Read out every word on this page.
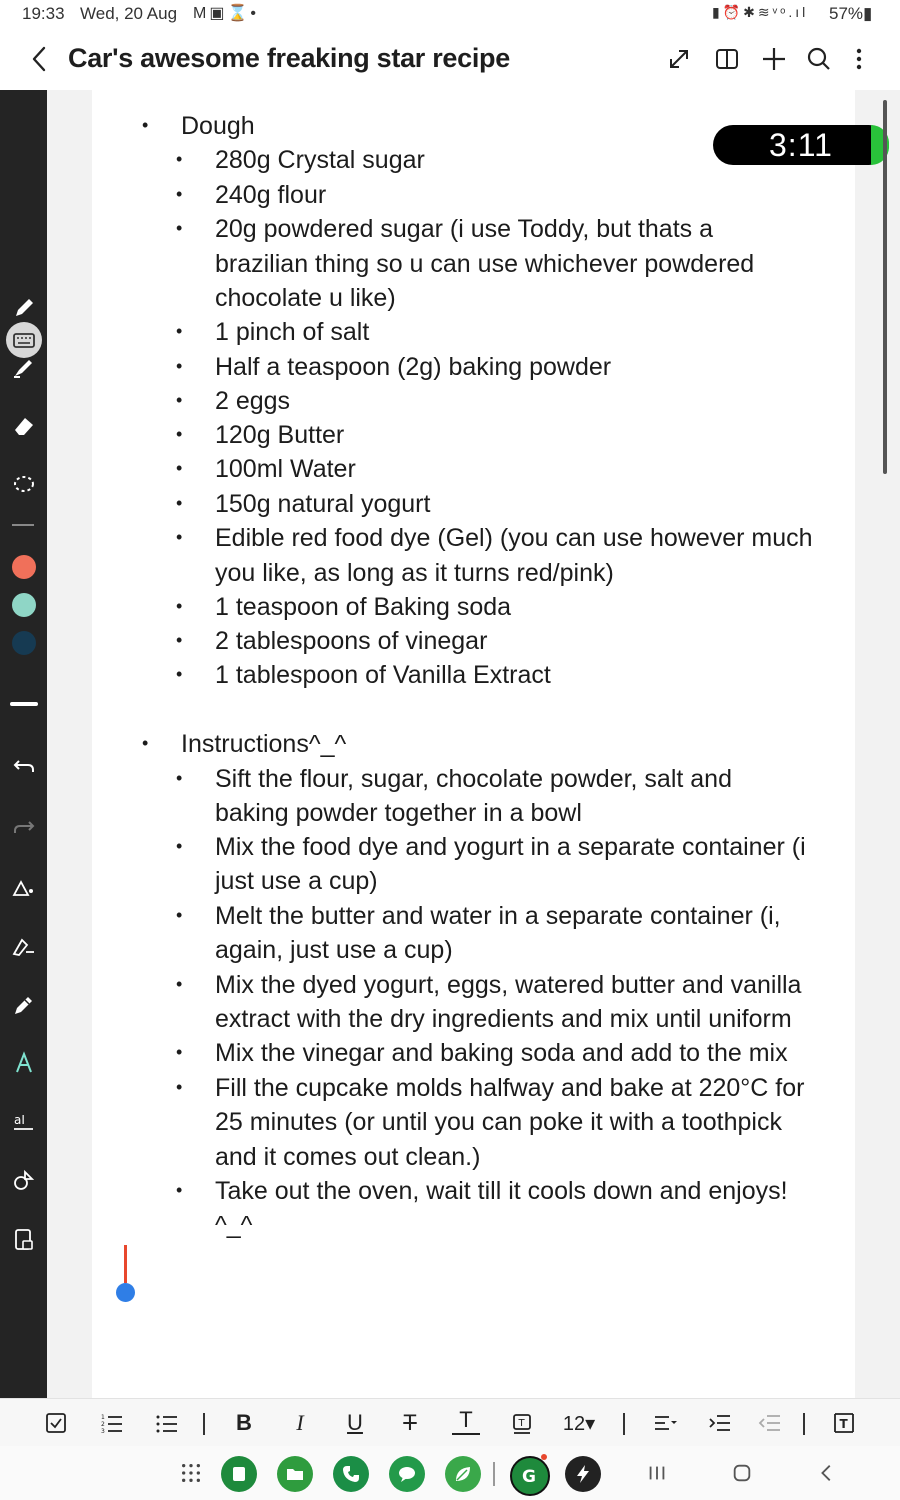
19:33 Wed, 20 Aug M▣⌛•	▮⏰✱≋ᵛᵒ.ıl 57%▮
Car's awesome freaking star recipe
aI
• Dough
• 280g Crystal sugar
• 240g flour
• 20g powdered sugar (i use Toddy, but thats a
brazilian thing so u can use whichever powdered
chocolate u like)
• 1 pinch of salt
• Half a teaspoon (2g) baking powder
• 2 eggs
• 120g Butter
• 100ml Water
• 150g natural yogurt
• Edible red food dye (Gel) (you can use however much
you like, as long as it turns red/pink)
• 1 teaspoon of Baking soda
• 2 tablespoons of vinegar
• 1 tablespoon of Vanilla Extract
• Instructions^_^
• Sift the flour, sugar, chocolate powder, salt and
baking powder together in a bowl
• Mix the food dye and yogurt in a separate container (i
just use a cup)
• Melt the butter and water in a separate container (i,
again, just use a cup)
• Mix the dyed yogurt, eggs, watered butter and vanilla
extract with the dry ingredients and mix until uniform
• Mix the vinegar and baking soda and add to the mix
• Fill the cupcake molds halfway and bake at 220°C for
25 minutes (or until you can poke it with a toothpick
and it comes out clean.)
• Take out the oven, wait till it cools down and enjoys!
^_^
3:11
1
2
3	B	I	U	T	T	T	12▾	T
G
